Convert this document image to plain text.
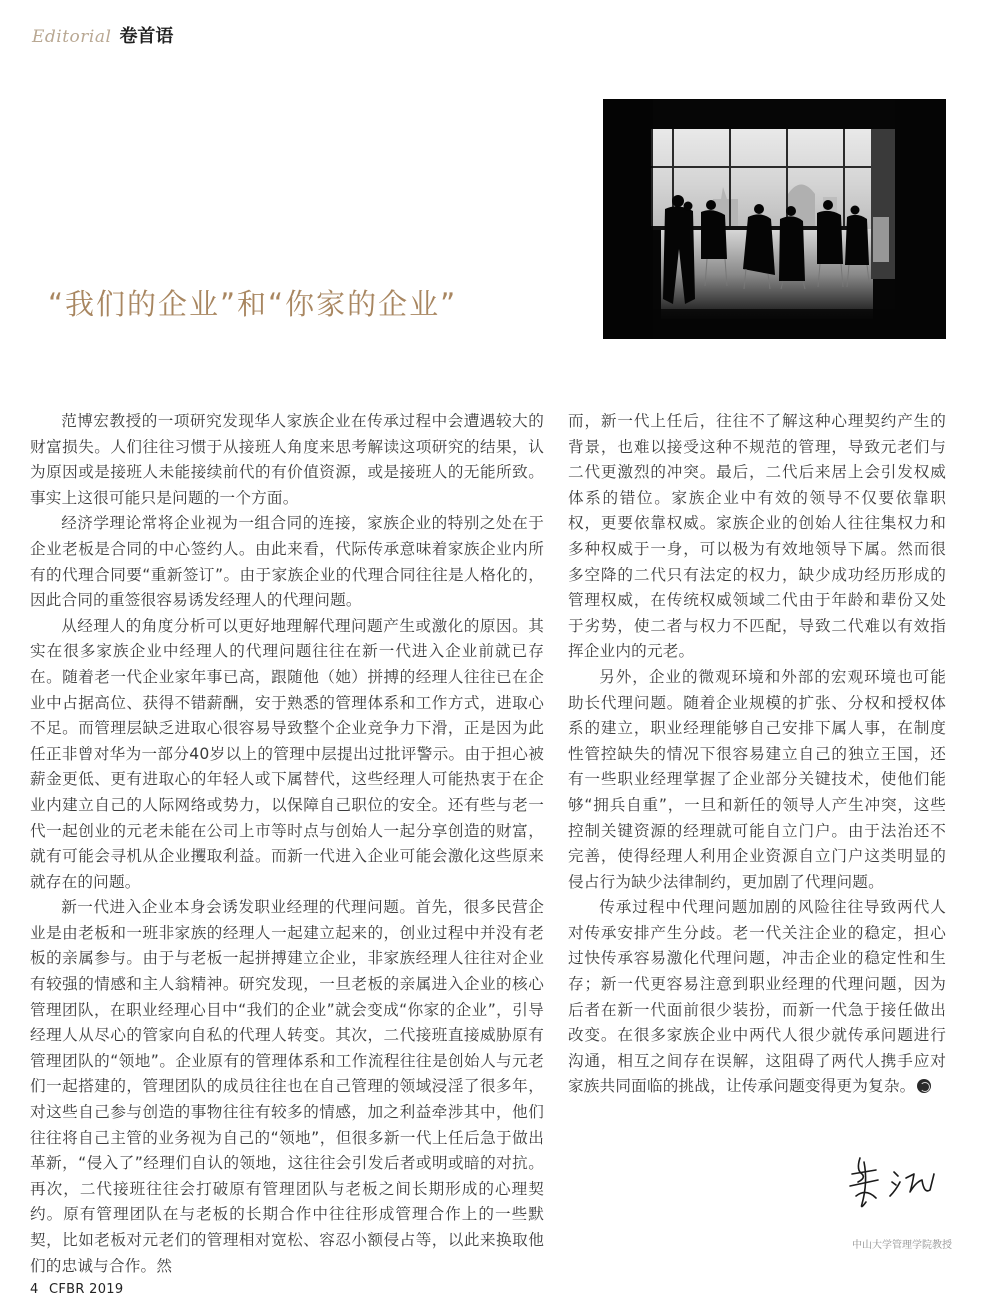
Editorial 卷首语
“我们的企业”和“你家的企业”

范博宏教授的一项研究发现华人家族企业在传承过程中会遭遇较大的财富损失。人们往往习惯于从接班人角度来思考解读这项研究的结果，认为原因或是接班人未能接续前代的有价值资源，或是接班人的无能所致。事实上这很可能只是问题的一个方面。

经济学理论常将企业视为一组合同的连接，家族企业的特别之处在于企业老板是合同的中心签约人。由此来看，代际传承意味着家族企业内所有的代理合同要“重新签订”。由于家族企业的代理合同往往是人格化的，因此合同的重签很容易诱发经理人的代理问题。

从经理人的角度分析可以更好地理解代理问题产生或激化的原因。其实在很多家族企业中经理人的代理问题往往在新一代进入企业前就已存在。随着老一代企业家年事已高，跟随他（她）拼搏的经理人往往已在企业中占据高位、获得不错薪酬，安于熟悉的管理体系和工作方式，进取心不足。而管理层缺乏进取心很容易导致整个企业竞争力下滑，正是因为此任正非曾对华为一部分40岁以上的管理中层提出过批评警示。由于担心被薪金更低、更有进取心的年轻人或下属替代，这些经理人可能热衷于在企业内建立自己的人际网络或势力，以保障自己职位的安全。还有些与老一代一起创业的元老未能在公司上市等时点与创始人一起分享创造的财富，就有可能会寻机从企业攫取利益。而新一代进入企业可能会激化这些原来就存在的问题。

新一代进入企业本身会诱发职业经理的代理问题。首先，很多民营企业是由老板和一班非家族的经理人一起建立起来的，创业过程中并没有老板的亲属参与。由于与老板一起拼搏建立企业，非家族经理人往往对企业有较强的情感和主人翁精神。研究发现，一旦老板的亲属进入企业的核心管理团队，在职业经理心目中“我们的企业”就会变成“你家的企业”，引导经理人从尽心的管家向自私的代理人转变。其次，二代接班直接威胁原有管理团队的“领地”。企业原有的管理体系和工作流程往往是创始人与元老们一起搭建的，管理团队的成员往往也在自己管理的领域浸淫了很多年，对这些自己参与创造的事物往往有较多的情感，加之利益牵涉其中，他们往往将自己主管的业务视为自己的“领地”，但很多新一代上任后急于做出革新，“侵入了”经理们自认的领地，这往往会引发后者或明或暗的对抗。再次，二代接班往往会打破原有管理团队与老板之间长期形成的心理契约。原有管理团队在与老板的长期合作中往往形成管理合作上的一些默契，比如老板对元老们的管理相对宽松、容忍小额侵占等，以此来换取他们的忠诚与合作。然

而，新一代上任后，往往不了解这种心理契约产生的背景，也难以接受这种不规范的管理，导致元老们与二代更激烈的冲突。最后，二代后来居上会引发权威体系的错位。家族企业中有效的领导不仅要依靠职权，更要依靠权威。家族企业的创始人往往集权力和多种权威于一身，可以极为有效地领导下属。然而很多空降的二代只有法定的权力，缺少成功经历形成的管理权威，在传统权威领域二代由于年龄和辈份又处于劣势，使二者与权力不匹配，导致二代难以有效指挥企业内的元老。

另外，企业的微观环境和外部的宏观环境也可能助长代理问题。随着企业规模的扩张、分权和授权体系的建立，职业经理能够自己安排下属人事，在制度性管控缺失的情况下很容易建立自己的独立王国，还有一些职业经理掌握了企业部分关键技术，使他们能够“拥兵自重”，一旦和新任的领导人产生冲突，这些控制关键资源的经理就可能自立门户。由于法治还不完善，使得经理人利用企业资源自立门户这类明显的侵占行为缺少法律制约，更加剧了代理问题。

传承过程中代理问题加剧的风险往往导致两代人对传承安排产生分歧。老一代关注企业的稳定，担心过快传承容易激化代理问题，冲击企业的稳定性和生存；新一代更容易注意到职业经理的代理问题，因为后者在新一代面前很少装扮，而新一代急于接任做出改变。在很多家族企业中两代人很少就传承问题进行沟通，相互之间存在误解，这阻碍了两代人携手应对家族共同面临的挑战，让传承问题变得更为复杂。

中山大学管理学院教授
4 CFBR 2019
